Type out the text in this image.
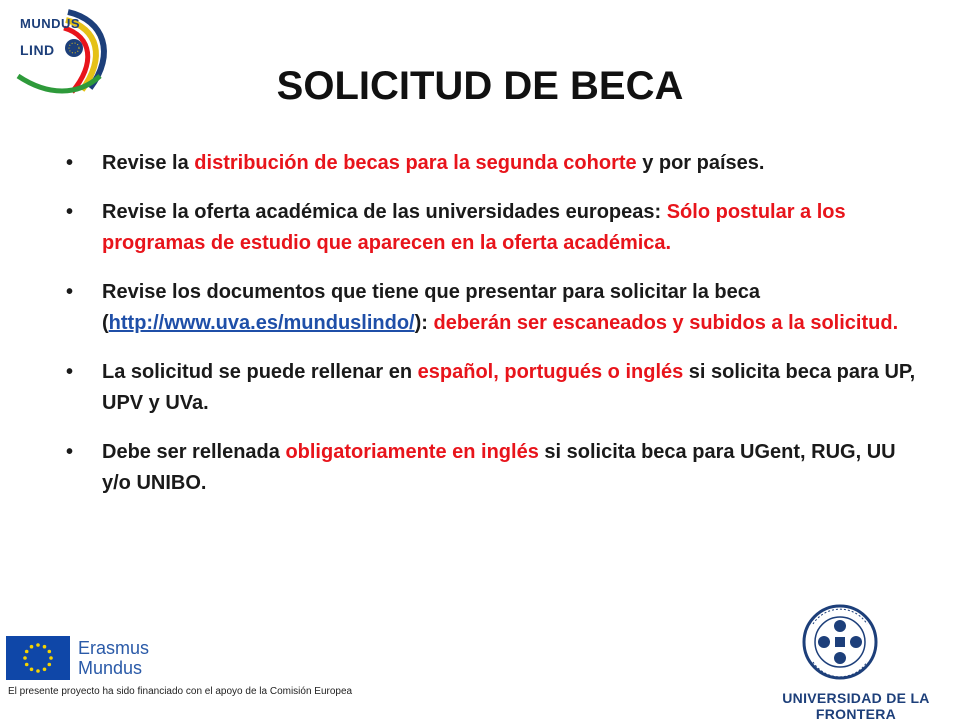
MUNDUS
LIND
SOLICITUD DE BECA
• Revise la distribución de becas para la segunda cohorte y por países.
• Revise la oferta académica de las universidades europeas: Sólo postular a los programas de estudio que aparecen en la oferta académica.
• Revise los documentos que tiene que presentar para solicitar la beca (http://www.uva.es/munduslindo/): deberán ser escaneados y subidos a la solicitud.
• La solicitud se puede rellenar en español, portugués o inglés si solicita beca para UP, UPV y UVa.
• Debe ser rellenada obligatoriamente en inglés si solicita beca para UGent, RUG, UU y/o UNIBO.
Erasmus
Mundus
El presente proyecto ha sido financiado con el apoyo de la Comisión Europea	UNIVERSIDAD DE LA FRONTERA
